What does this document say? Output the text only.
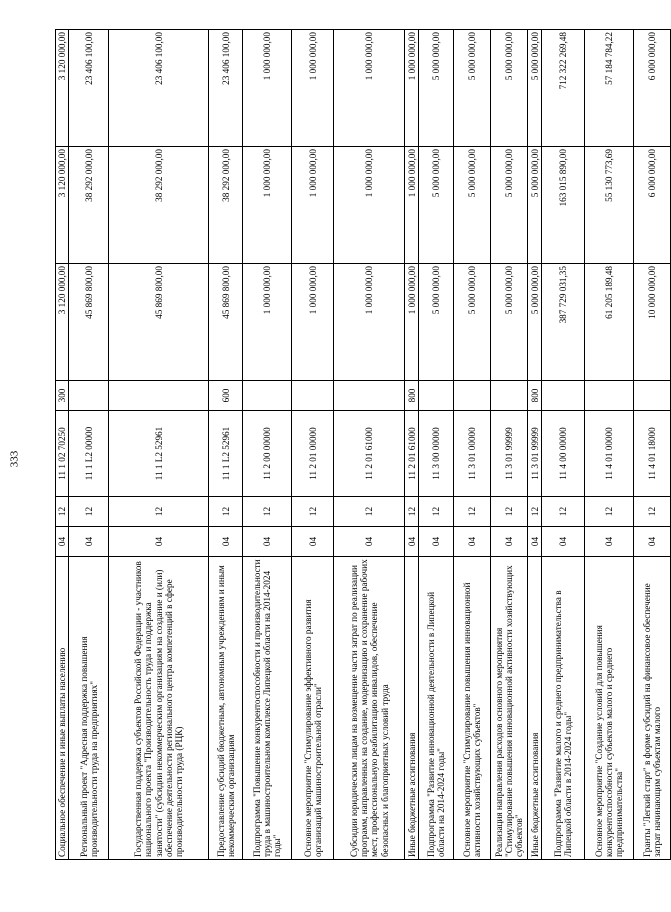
333
Социальное обеспечение и иные выплаты населению	04	12	11 1 02 70250	300	3 120 000,00	3 120 000,00	3 120 000,00
Региональный проект "Адресная поддержка повышения производительности труда на предприятиях"	04	12	11 1 L2 00000		45 869 800,00	38 292 000,00	23 406 100,00
Государственная поддержка субъектов Российской Федерации - участников национального проекта "Производительность труда и поддержка занятости" (субсидии некоммерческим организациям на создание и (или) обеспечение деятельности регионального центра компетенций в сфере производительности труда (РЦК)	04	12	11 1 L2 52961		45 869 800,00	38 292 000,00	23 406 100,00
Предоставление субсидий бюджетным, автономным учреждениям и иным некоммерческим организациям	04	12	11 1 L2 52961	600	45 869 800,00	38 292 000,00	23 406 100,00
Подпрограмма "Повышение конкурентоспособности и производительности труда в машиностроительном комплексе Липецкой области на 2014-2024 годы"	04	12	11 2 00 00000		1 000 000,00	1 000 000,00	1 000 000,00
Основное мероприятие "Стимулирование эффективного развития организаций машиностроительной отрасли"	04	12	11 2 01 00000		1 000 000,00	1 000 000,00	1 000 000,00
Субсидии юридическим лицам на возмещение части затрат по реализации программ, направленных на создание, модернизацию и сохранение рабочих мест, профессиональную реабилитацию инвалидов, обеспечение безопасных и благоприятных условий труда	04	12	11 2 01 61000		1 000 000,00	1 000 000,00	1 000 000,00
Иные бюджетные ассигнования	04	12	11 2 01 61000	800	1 000 000,00	1 000 000,00	1 000 000,00
Подпрограмма "Развитие инновационной деятельности в Липецкой области на 2014-2024 годы"	04	12	11 3 00 00000		5 000 000,00	5 000 000,00	5 000 000,00
Основное мероприятие "Стимулирование повышения инновационной активности хозяйствующих субъектов"	04	12	11 3 01 00000		5 000 000,00	5 000 000,00	5 000 000,00
Реализация направления расходов основного мероприятия "Стимулирование повышения инновационной активности хозяйствующих субъектов"	04	12	11 3 01 99999		5 000 000,00	5 000 000,00	5 000 000,00
Иные бюджетные ассигнования	04	12	11 3 01 99999	800	5 000 000,00	5 000 000,00	5 000 000,00
Подпрограмма "Развитие малого и среднего предпринимательства в Липецкой области в 2014-2024 годы"	04	12	11 4 00 00000		387 729 031,35	163 015 890,00	712 322 269,48
Основное мероприятие "Создание условий для повышения конкурентоспособности субъектов малого и среднего предпринимательства"	04	12	11 4 01 00000		61 205 189,48	55 130 773,69	57 184 784,22
Гранты "Легкий старт" в форме субсидий на финансовое обеспечение затрат начинающим субъектам малого	04	12	11 4 01 18000		10 000 000,00	6 000 000,00	6 000 000,00
